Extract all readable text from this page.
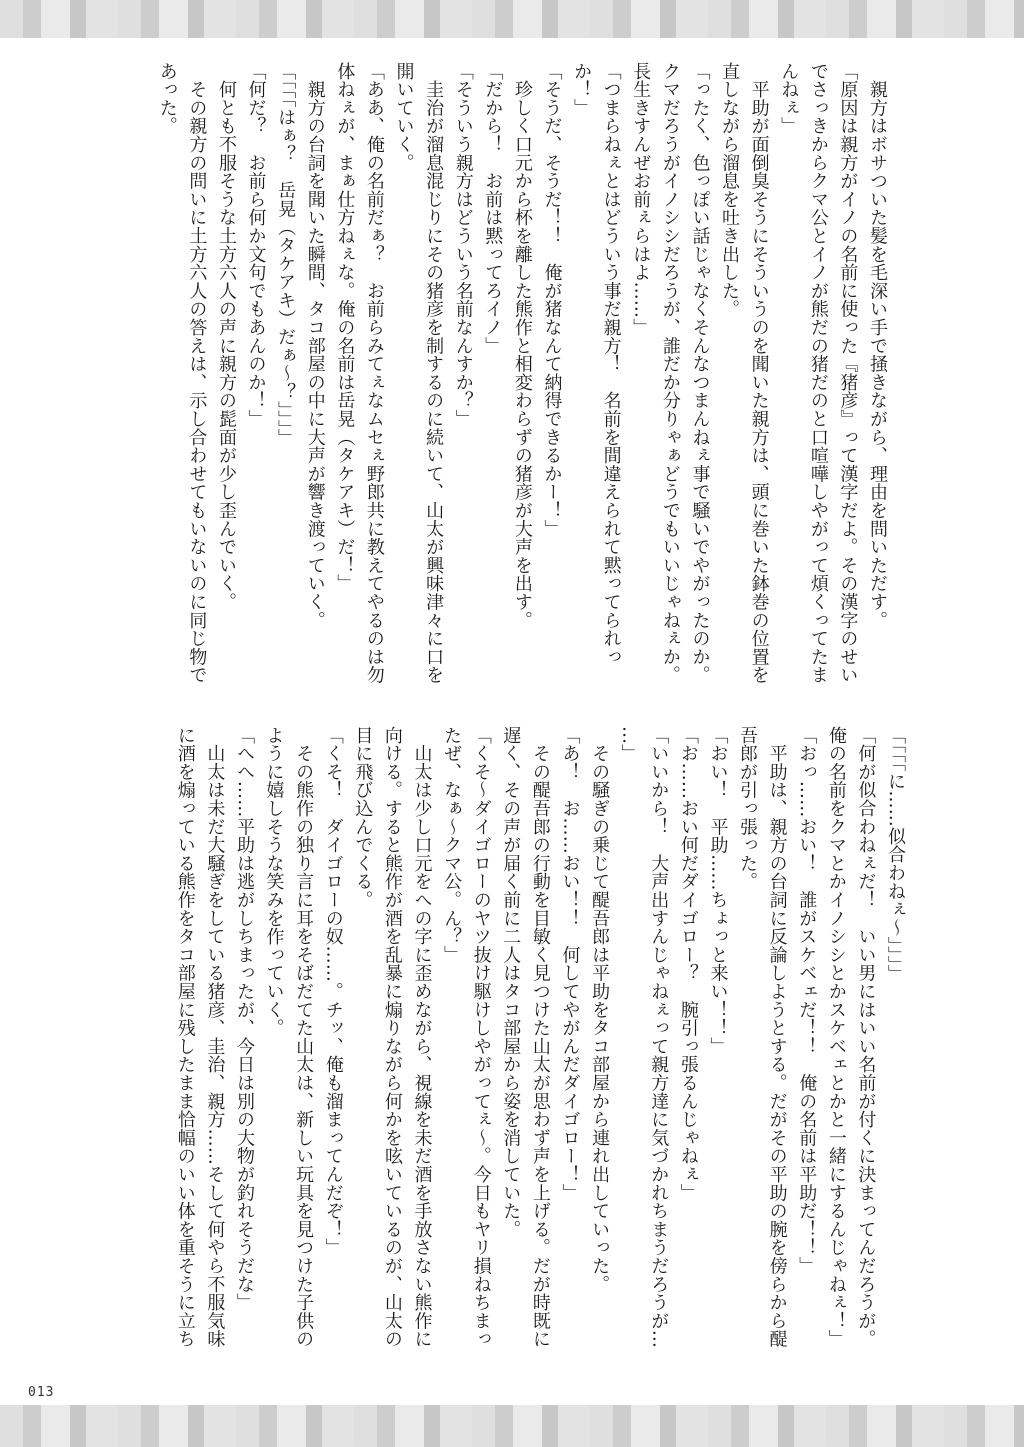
　親方はボサついた髪を毛深い手で掻きながら、理由を問いただす。
「原因は親方がイノの名前に使った『猪彦』って漢字だよ。その漢字のせい
でさっきからクマ公とイノが熊だの猪だのと口喧嘩しやがって煩くってたま
んねぇ」
　平助が面倒臭そうにそういうのを聞いた親方は、頭に巻いた鉢巻の位置を
直しながら溜息を吐き出した。
「ったく、色っぽい話じゃなくそんなつまんねぇ事で騒いでやがったのか。
クマだろうがイノシシだろうが、誰だか分りゃぁどうでもいいじゃねぇか。
長生きすんぜお前ぇらはよ……」
「つまらねぇとはどういう事だ親方！　名前を間違えられて黙ってられっ
か！」
「そうだ、そうだ！！　俺が猪なんて納得できるかー！」
　珍しく口元から杯を離した熊作と相変わらずの猪彦が大声を出す。
「だから！　お前は黙ってろイノ」
「そういう親方はどういう名前なんすか？」
　圭治が溜息混じりにその猪彦を制するのに続いて、山太が興味津々に口を
開いていく。
「ああ、俺の名前だぁ？　お前らみてぇなムセぇ野郎共に教えてやるのは勿
体ねぇが、まぁ仕方ねぇな。俺の名前は岳晃（タケアキ）だ！」
　親方の台詞を聞いた瞬間、タコ部屋の中に大声が響き渡っていく。
「「「「はぁ？　岳晃（タケアキ）だぁ〜？」」」」
「何だ？　お前ら何か文句でもあんのか！」
　何とも不服そうな土方六人の声に親方の髭面が少し歪んでいく。
　その親方の問いに土方六人の答えは、示し合わせてもいないのに同じ物で
あった。
「「「「に……似合わねぇ〜」」」」
「何が似合わねぇだ！　いい男にはいい名前が付くに決まってんだろうが。
俺の名前をクマとかイノシシとかスケベェとかと一緒にするんじゃねぇ！」
「おっ……おい！　誰がスケベェだ！！　俺の名前は平助だ！！」
　平助は、親方の台詞に反論しようとする。だがその平助の腕を傍らから醍
吾郎が引っ張った。
「おい！　平助……ちょっと来い！！」
「お……おい何だダイゴロー？　腕引っ張るんじゃねぇ」
「いいから！　大声出すんじゃねぇって親方達に気づかれちまうだろうが…
…」
　その騒ぎの乗じて醍吾郎は平助をタコ部屋から連れ出していった。
「あ！　お……おい！！　何してやがんだダイゴロー！」
　その醍吾郎の行動を目敏く見つけた山太が思わず声を上げる。だが時既に
遅く、その声が届く前に二人はタコ部屋から姿を消していた。
「くそ〜ダイゴローのヤツ抜け駆けしやがってぇ〜。今日もヤリ損ねちまっ
たぜ、なぁ〜クマ公。ん？」
　山太は少し口元をへの字に歪めながら、視線を未だ酒を手放さない熊作に
向ける。すると熊作が酒を乱暴に煽りながら何かを呟いているのが、山太の
目に飛び込んでくる。
「くそ！　ダイゴローの奴……。チッ、俺も溜まってんだぞ！」
　その熊作の独り言に耳をそばだてた山太は、新しい玩具を見つけた子供の
ように嬉しそうな笑みを作っていく。
「へへ……平助は逃がしちまったが、今日は別の大物が釣れそうだな」
　山太は未だ大騒ぎをしている猪彦、圭治、親方……そして何やら不服気味
に酒を煽っている熊作をタコ部屋に残したまま恰幅のいい体を重そうに立ち
013
